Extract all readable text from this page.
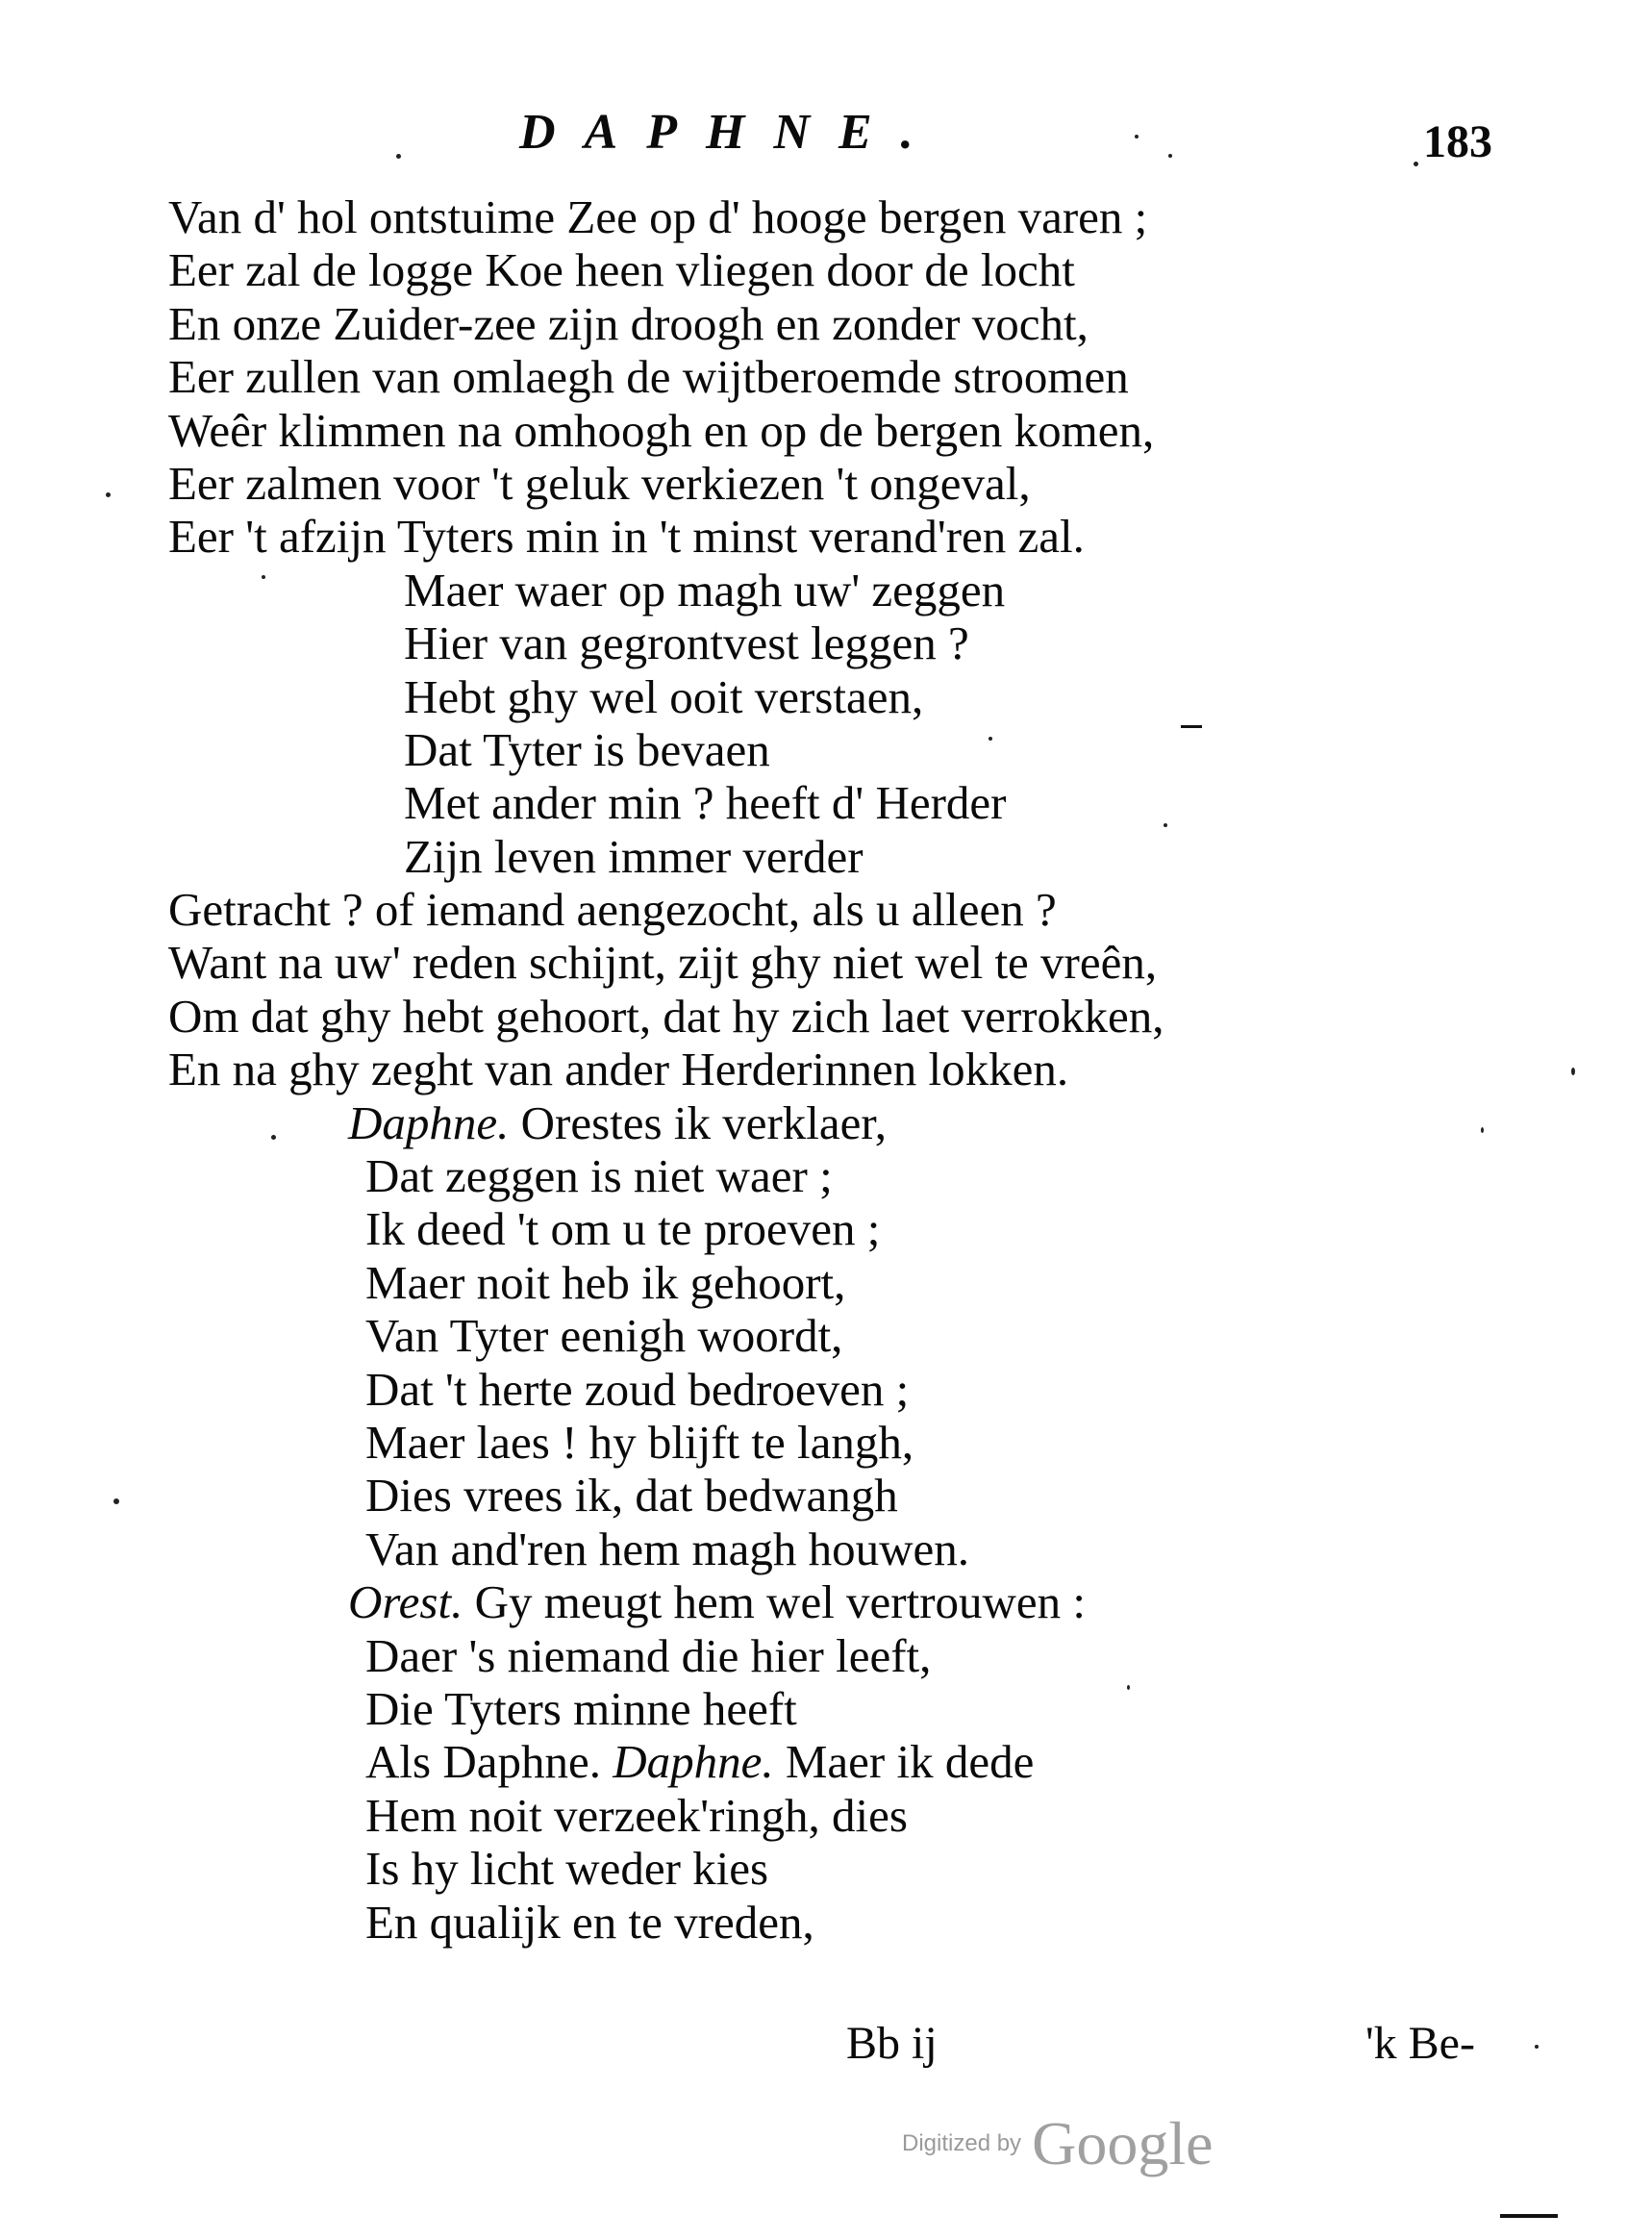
DAPHNE.	183
Van d' hol ontstuime Zee op d' hooge bergen varen ;
Eer zal de logge Koe heen vliegen door de locht
En onze Zuider-zee zijn droogh en zonder vocht,
Eer zullen van omlaegh de wijtberoemde stroomen
Weêr klimmen na omhoogh en op de bergen komen,
Eer zalmen voor 't geluk verkiezen 't ongeval,
Eer 't afzijn Tyters min in 't minst verand'ren zal.
Maer waer op magh uw' zeggen
Hier van gegrontvest leggen ?
Hebt ghy wel ooit verstaen,
Dat Tyter is bevaen
Met ander min ? heeft d' Herder
Zijn leven immer verder
Getracht ? of iemand aengezocht, als u alleen ?
Want na uw' reden schijnt, zijt ghy niet wel te vreên,
Om dat ghy hebt gehoort, dat hy zich laet verrokken,
En na ghy zeght van ander Herderinnen lokken.
Daphne. Orestes ik verklaer,
Dat zeggen is niet waer ;
Ik deed 't om u te proeven ;
Maer noit heb ik gehoort,
Van Tyter eenigh woordt,
Dat 't herte zoud bedroeven ;
Maer laes ! hy blijft te langh,
Dies vrees ik, dat bedwangh
Van and'ren hem magh houwen.
Orest. Gy meugt hem wel vertrouwen :
Daer 's niemand die hier leeft,
Die Tyters minne heeft
Als Daphne. Daphne. Maer ik dede
Hem noit verzeek'ringh, dies
Is hy licht weder kies
En qualijk en te vreden,
Bb ij	'k Be-
Digitized by Google
